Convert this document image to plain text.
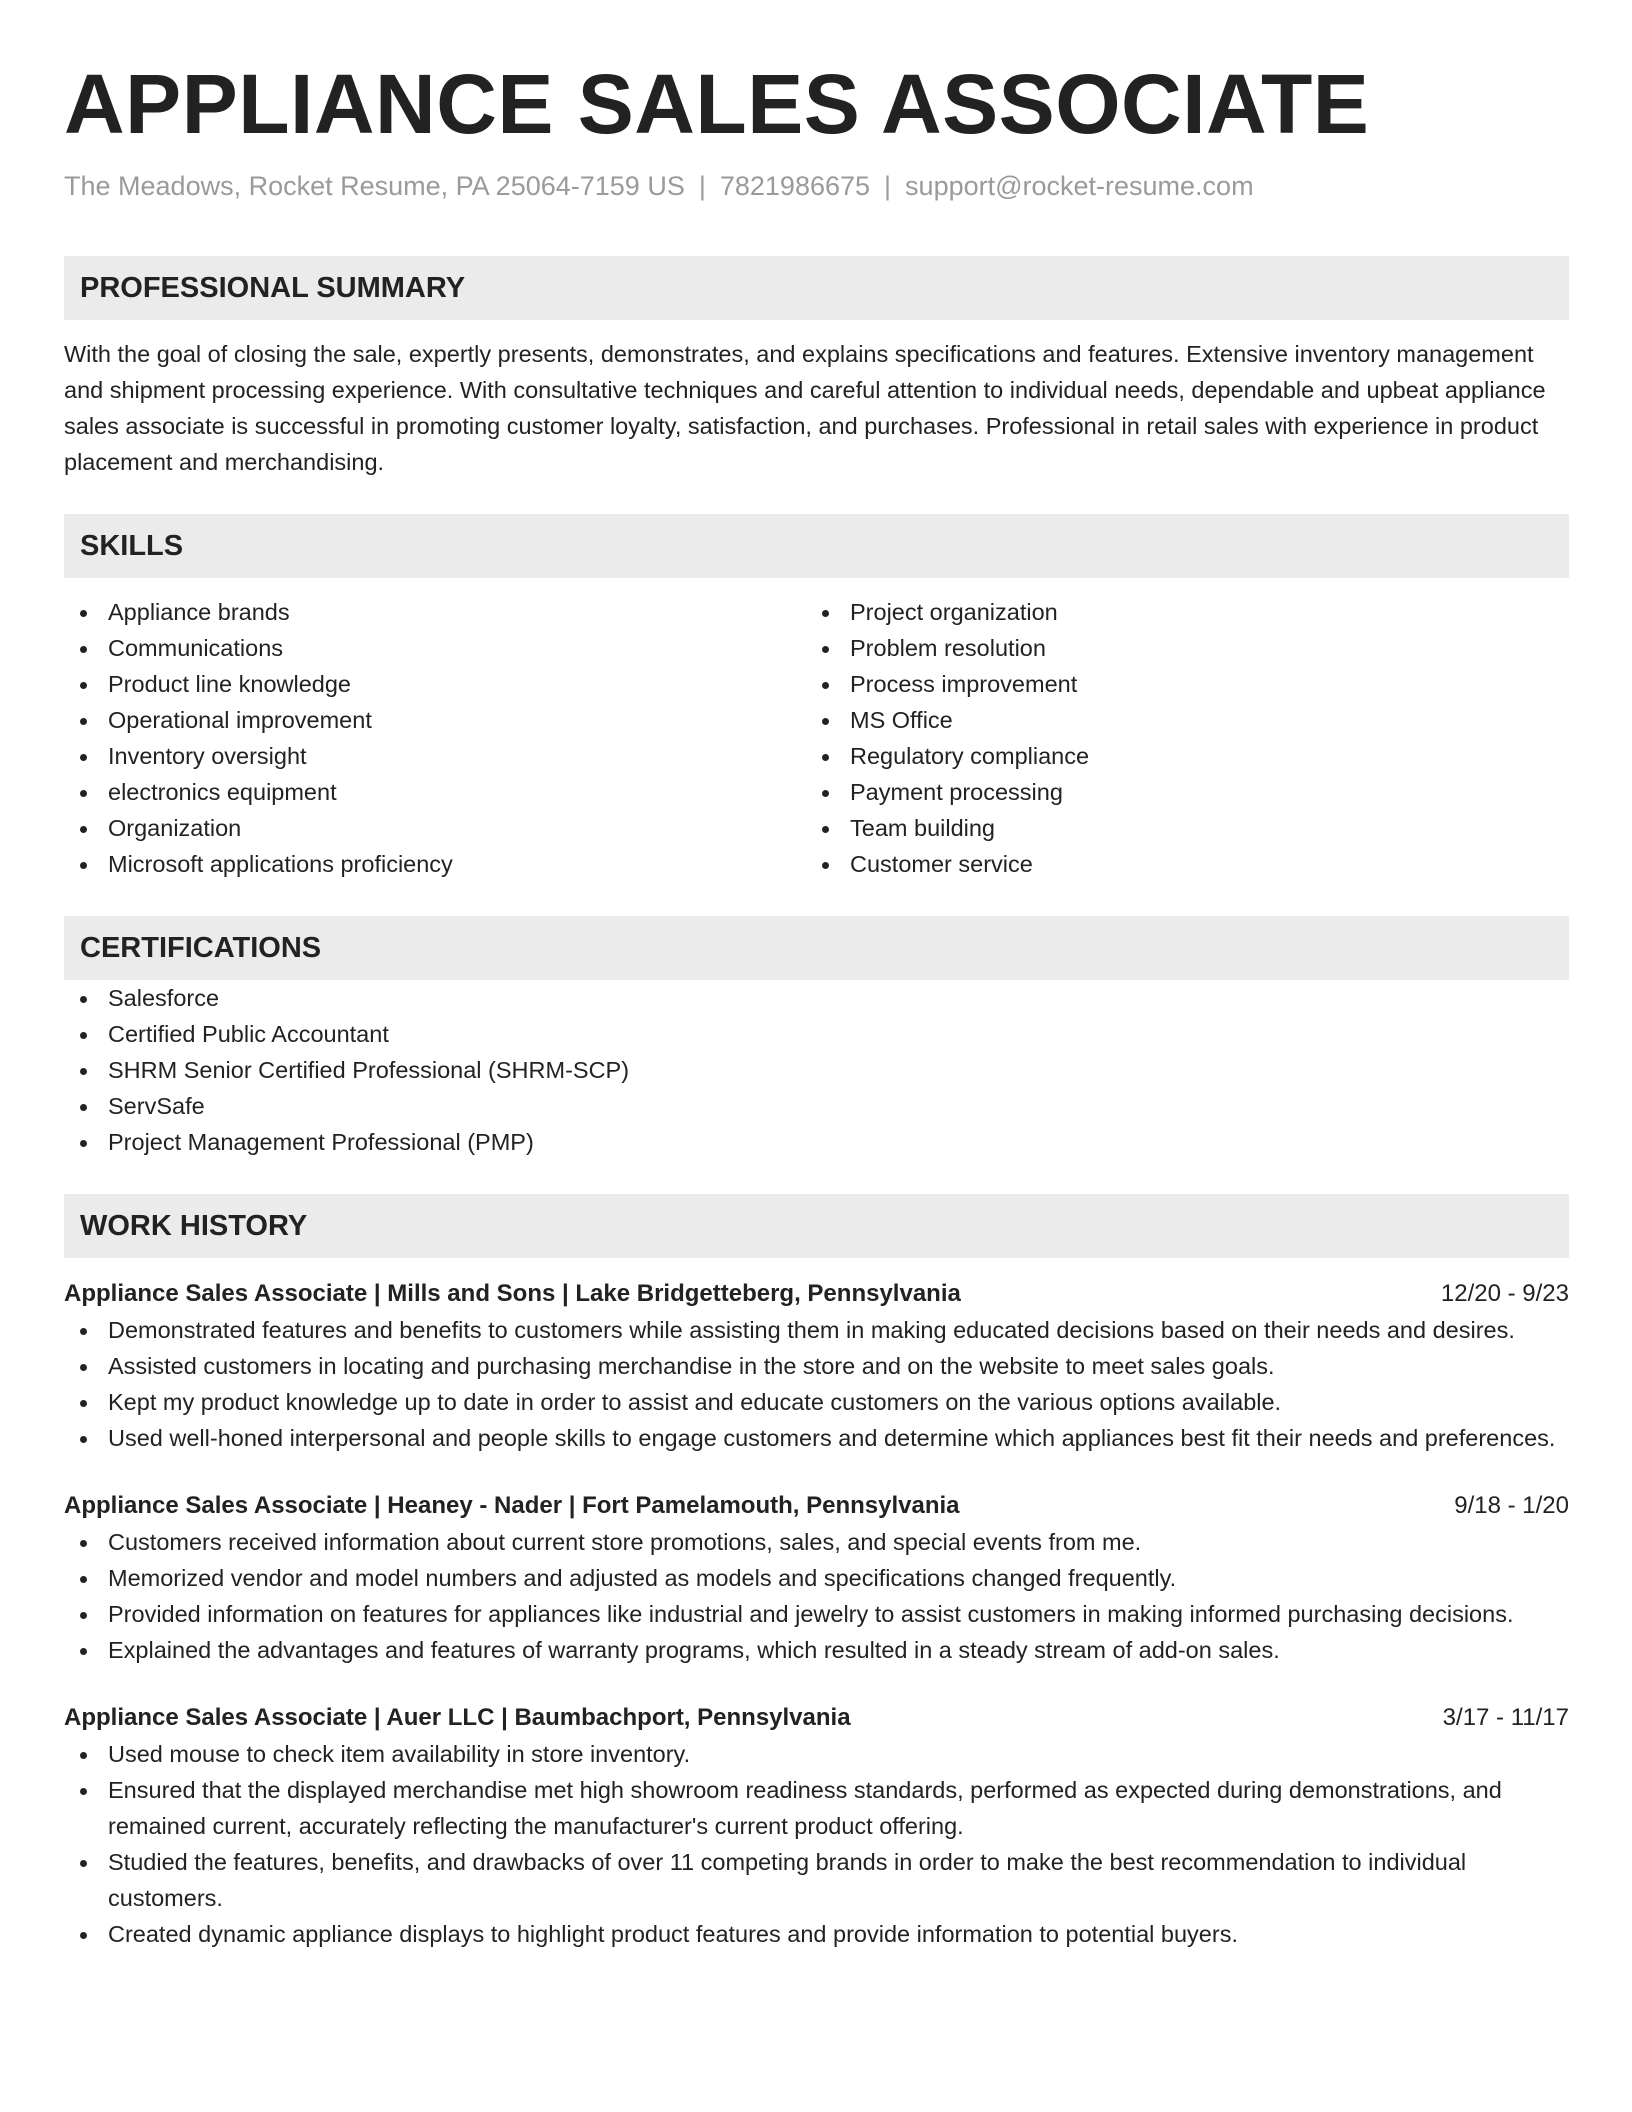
APPLIANCE SALES ASSOCIATE
The Meadows, Rocket Resume, PA 25064-7159 US | 7821986675 | support@rocket-resume.com
PROFESSIONAL SUMMARY
With the goal of closing the sale, expertly presents, demonstrates, and explains specifications and features. Extensive inventory management and shipment processing experience. With consultative techniques and careful attention to individual needs, dependable and upbeat appliance sales associate is successful in promoting customer loyalty, satisfaction, and purchases. Professional in retail sales with experience in product placement and merchandising.
SKILLS
Appliance brands
Communications
Product line knowledge
Operational improvement
Inventory oversight
electronics equipment
Organization
Microsoft applications proficiency
Project organization
Problem resolution
Process improvement
MS Office
Regulatory compliance
Payment processing
Team building
Customer service
CERTIFICATIONS
Salesforce
Certified Public Accountant
SHRM Senior Certified Professional (SHRM-SCP)
ServSafe
Project Management Professional (PMP)
WORK HISTORY
Appliance Sales Associate | Mills and Sons | Lake Bridgetteberg, Pennsylvania	12/20 - 9/23
Demonstrated features and benefits to customers while assisting them in making educated decisions based on their needs and desires.
Assisted customers in locating and purchasing merchandise in the store and on the website to meet sales goals.
Kept my product knowledge up to date in order to assist and educate customers on the various options available.
Used well-honed interpersonal and people skills to engage customers and determine which appliances best fit their needs and preferences.
Appliance Sales Associate | Heaney - Nader | Fort Pamelamouth, Pennsylvania	9/18 - 1/20
Customers received information about current store promotions, sales, and special events from me.
Memorized vendor and model numbers and adjusted as models and specifications changed frequently.
Provided information on features for appliances like industrial and jewelry to assist customers in making informed purchasing decisions.
Explained the advantages and features of warranty programs, which resulted in a steady stream of add-on sales.
Appliance Sales Associate | Auer LLC | Baumbachport, Pennsylvania	3/17 - 11/17
Used mouse to check item availability in store inventory.
Ensured that the displayed merchandise met high showroom readiness standards, performed as expected during demonstrations, and remained current, accurately reflecting the manufacturer's current product offering.
Studied the features, benefits, and drawbacks of over 11 competing brands in order to make the best recommendation to individual customers.
Created dynamic appliance displays to highlight product features and provide information to potential buyers.
